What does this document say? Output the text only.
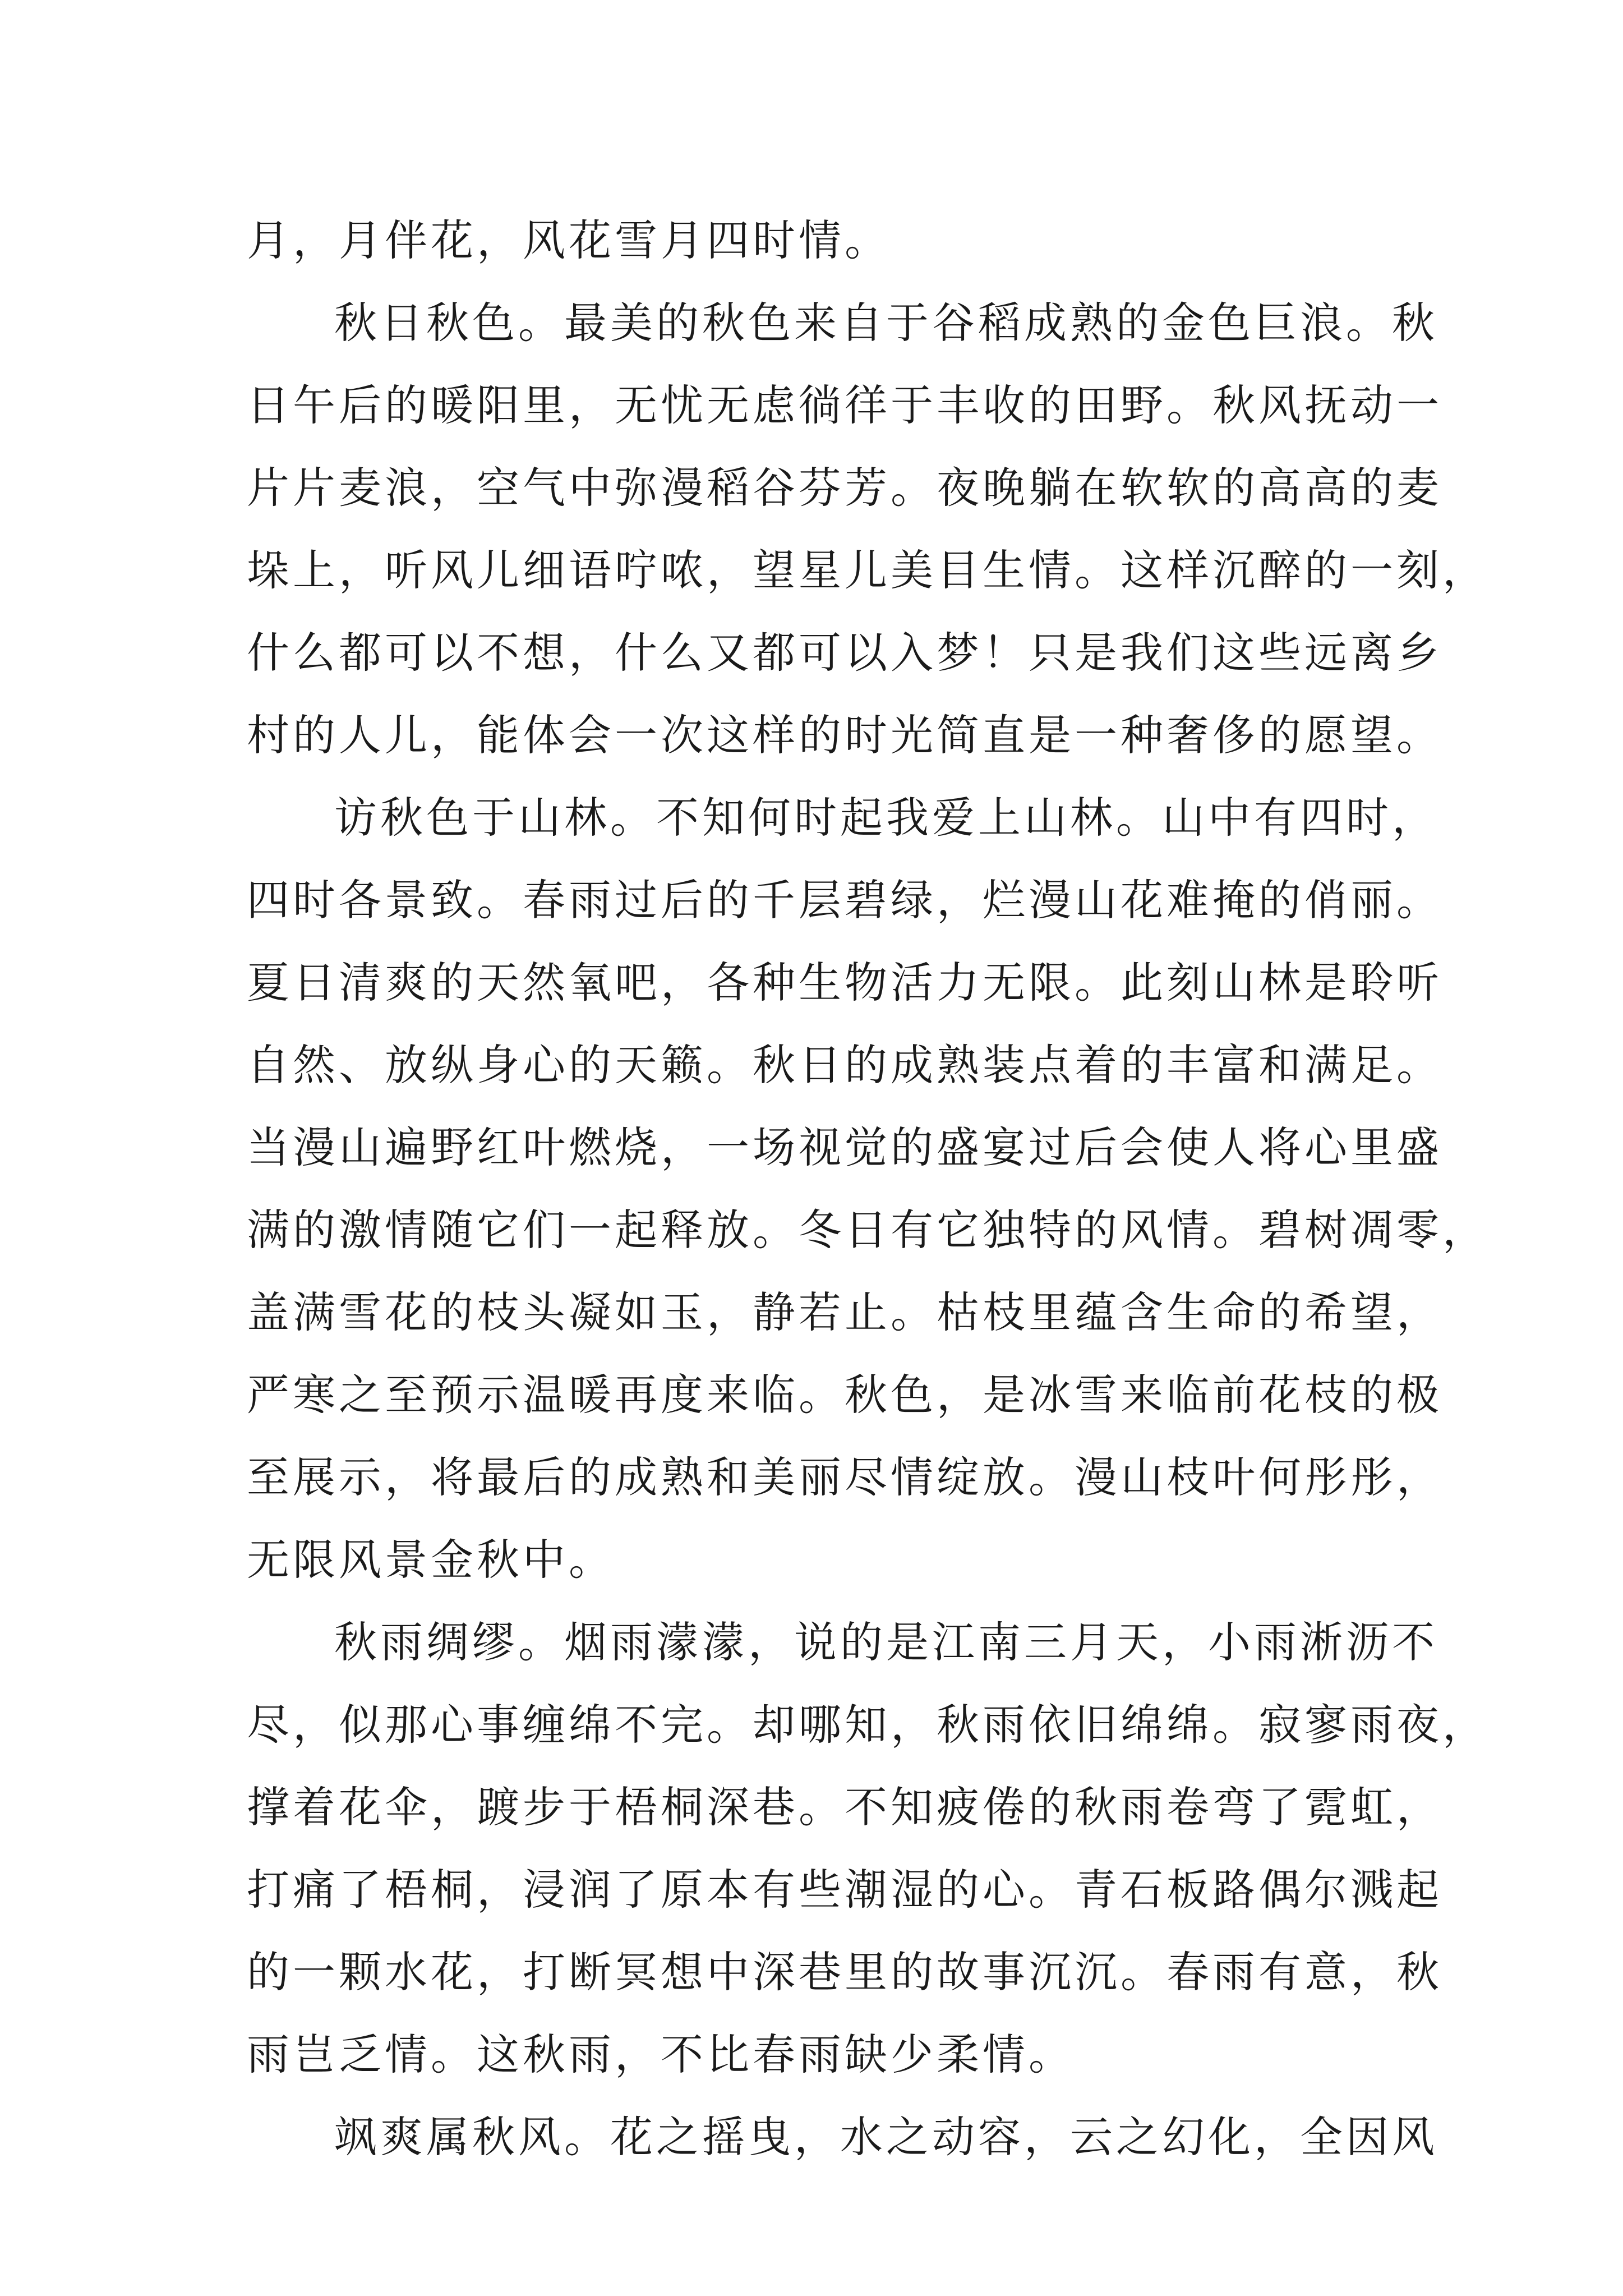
月，月伴花，风花雪月四时情。
秋日秋色。最美的秋色来自于谷稻成熟的金色巨浪。秋
日午后的暖阳里，无忧无虑徜徉于丰收的田野。秋风抚动一
片片麦浪，空气中弥漫稻谷芬芳。夜晚躺在软软的高高的麦
垛上，听风儿细语咛哝，望星儿美目生情。这样沉醉的一刻，
什么都可以不想，什么又都可以入梦！只是我们这些远离乡
村的人儿，能体会一次这样的时光简直是一种奢侈的愿望。
访秋色于山林。不知何时起我爱上山林。山中有四时，
四时各景致。春雨过后的千层碧绿，烂漫山花难掩的俏丽。
夏日清爽的天然氧吧，各种生物活力无限。此刻山林是聆听
自然、放纵身心的天籁。秋日的成熟装点着的丰富和满足。
当漫山遍野红叶燃烧，一场视觉的盛宴过后会使人将心里盛
满的激情随它们一起释放。冬日有它独特的风情。碧树凋零，
盖满雪花的枝头凝如玉，静若止。枯枝里蕴含生命的希望，
严寒之至预示温暖再度来临。秋色，是冰雪来临前花枝的极
至展示，将最后的成熟和美丽尽情绽放。漫山枝叶何彤彤，
无限风景金秋中。
秋雨绸缪。烟雨濛濛，说的是江南三月天，小雨淅沥不
尽，似那心事缠绵不完。却哪知，秋雨依旧绵绵。寂寥雨夜，
撑着花伞，踱步于梧桐深巷。不知疲倦的秋雨卷弯了霓虹，
打痛了梧桐，浸润了原本有些潮湿的心。青石板路偶尔溅起
的一颗水花，打断冥想中深巷里的故事沉沉。春雨有意，秋
雨岂乏情。这秋雨，不比春雨缺少柔情。
飒爽属秋风。花之摇曳，水之动容，云之幻化，全因风
